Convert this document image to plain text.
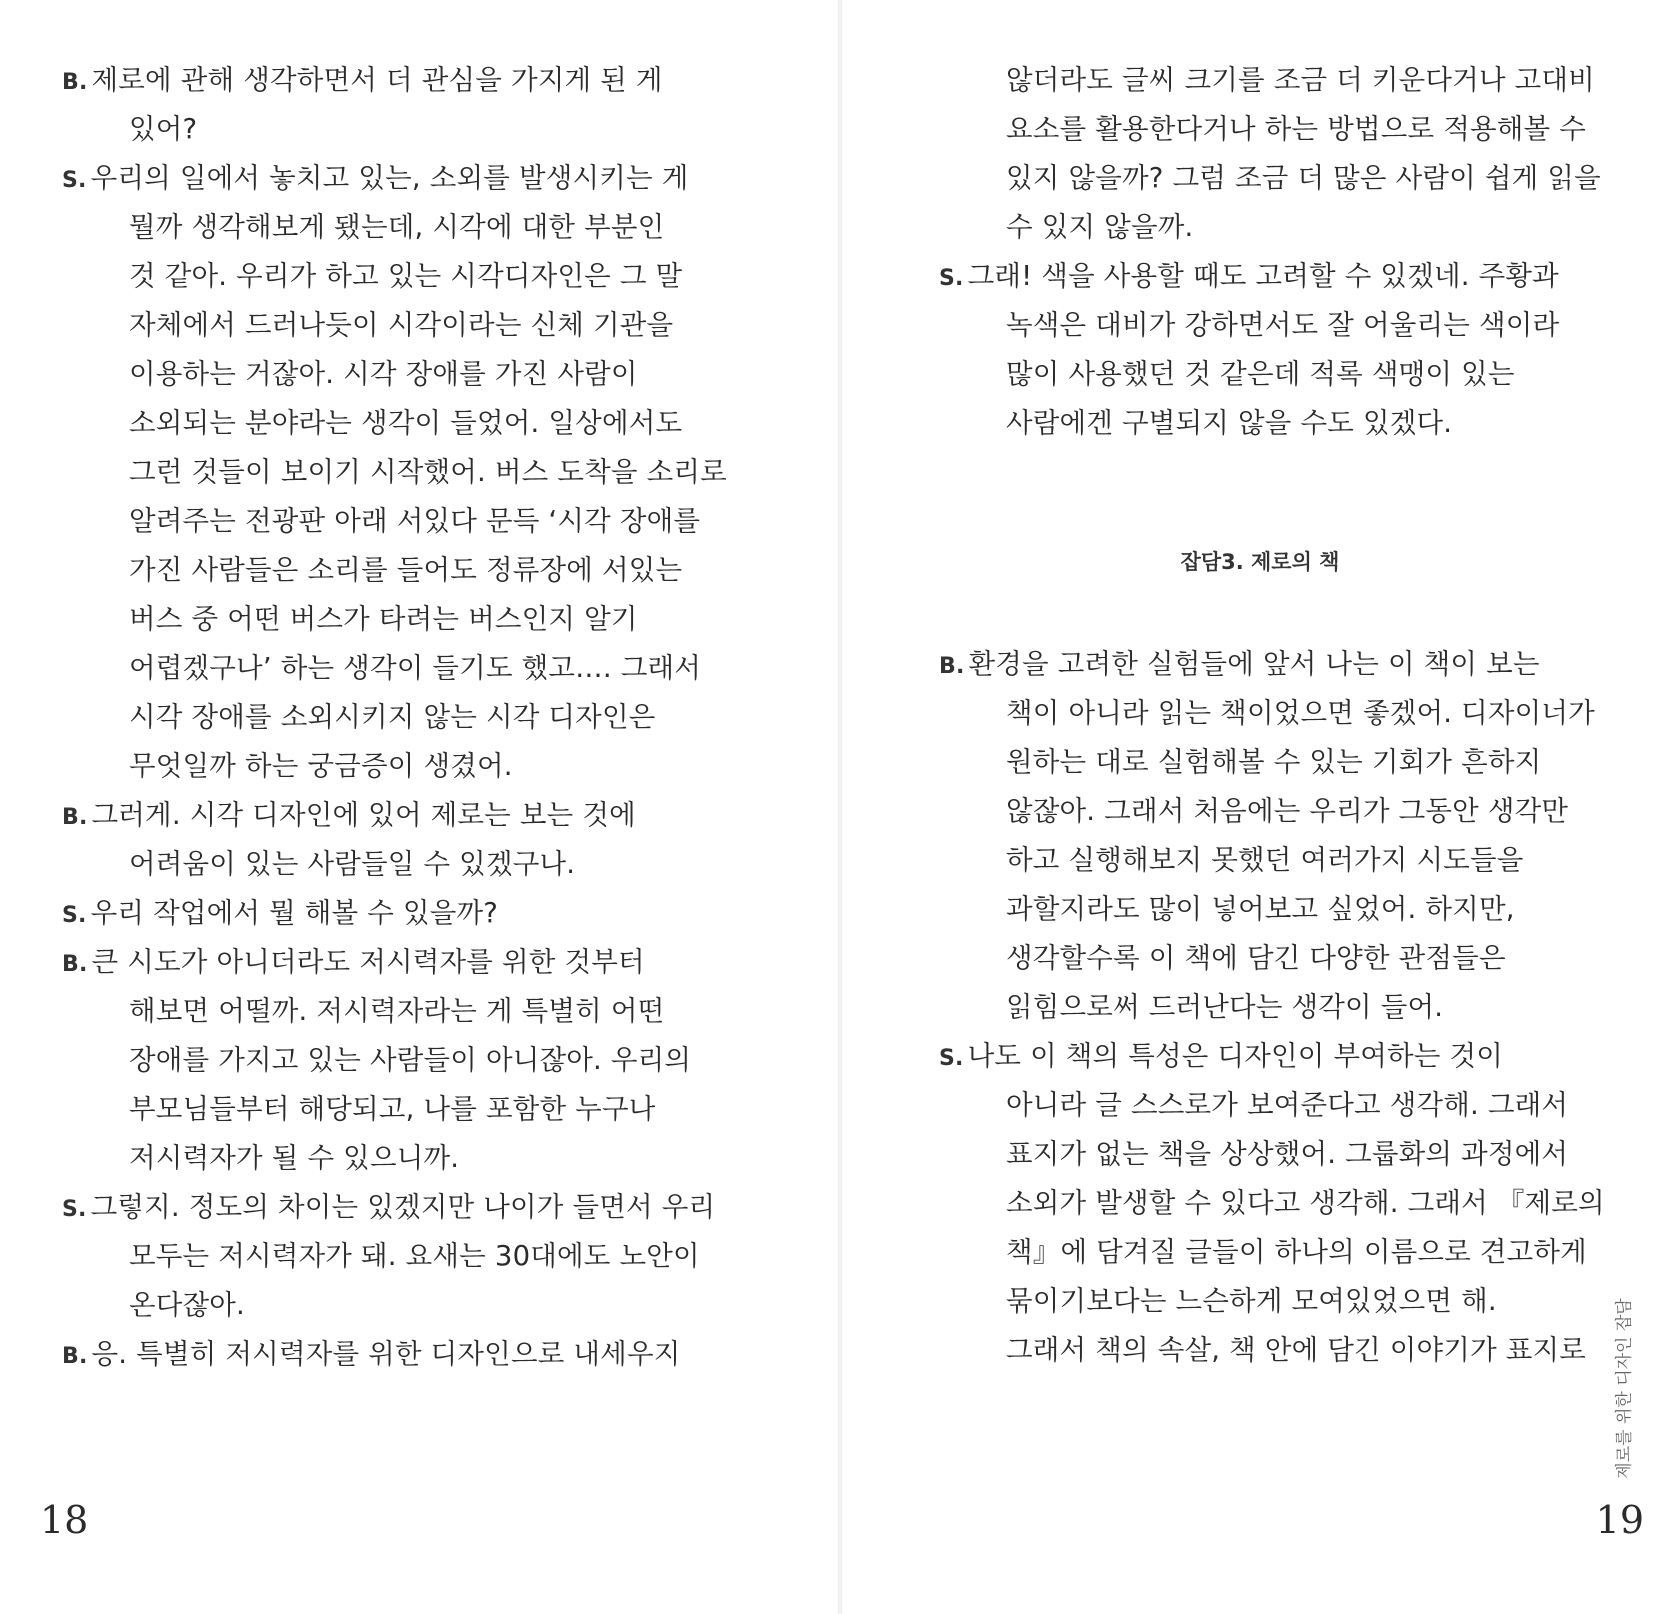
B. 제로에 관해 생각하면서 더 관심을 가지게 된 게
있어?
S. 우리의 일에서 놓치고 있는, 소외를 발생시키는 게
뭘까 생각해보게 됐는데, 시각에 대한 부분인
것 같아. 우리가 하고 있는 시각디자인은 그 말
자체에서 드러나듯이 시각이라는 신체 기관을
이용하는 거잖아. 시각 장애를 가진 사람이
소외되는 분야라는 생각이 들었어. 일상에서도
그런 것들이 보이기 시작했어. 버스 도착을 소리로
알려주는 전광판 아래 서있다 문득 ‘시각 장애를
가진 사람들은 소리를 들어도 정류장에 서있는
버스 중 어떤 버스가 타려는 버스인지 알기
어렵겠구나’ 하는 생각이 들기도 했고…. 그래서
시각 장애를 소외시키지 않는 시각 디자인은
무엇일까 하는 궁금증이 생겼어.
B. 그러게. 시각 디자인에 있어 제로는 보는 것에
어려움이 있는 사람들일 수 있겠구나.
S. 우리 작업에서 뭘 해볼 수 있을까?
B. 큰 시도가 아니더라도 저시력자를 위한 것부터
해보면 어떨까. 저시력자라는 게 특별히 어떤
장애를 가지고 있는 사람들이 아니잖아. 우리의
부모님들부터 해당되고, 나를 포함한 누구나
저시력자가 될 수 있으니까.
S. 그렇지. 정도의 차이는 있겠지만 나이가 들면서 우리
모두는 저시력자가 돼. 요새는 30대에도 노안이
온다잖아.
B. 응. 특별히 저시력자를 위한 디자인으로 내세우지
18
않더라도 글씨 크기를 조금 더 키운다거나 고대비
요소를 활용한다거나 하는 방법으로 적용해볼 수
있지 않을까? 그럼 조금 더 많은 사람이 쉽게 읽을
수 있지 않을까.
S. 그래! 색을 사용할 때도 고려할 수 있겠네. 주황과
녹색은 대비가 강하면서도 잘 어울리는 색이라
많이 사용했던 것 같은데 적록 색맹이 있는
사람에겐 구별되지 않을 수도 있겠다.
잡담3. 제로의 책
B. 환경을 고려한 실험들에 앞서 나는 이 책이 보는
책이 아니라 읽는 책이었으면 좋겠어. 디자이너가
원하는 대로 실험해볼 수 있는 기회가 흔하지
않잖아. 그래서 처음에는 우리가 그동안 생각만
하고 실행해보지 못했던 여러가지 시도들을
과할지라도 많이 넣어보고 싶었어. 하지만,
생각할수록 이 책에 담긴 다양한 관점들은
읽힘으로써 드러난다는 생각이 들어.
S. 나도 이 책의 특성은 디자인이 부여하는 것이
아니라 글 스스로가 보여준다고 생각해. 그래서
표지가 없는 책을 상상했어. 그룹화의 과정에서
소외가 발생할 수 있다고 생각해. 그래서 『제로의
책』에 담겨질 글들이 하나의 이름으로 견고하게
묶이기보다는 느슨하게 모여있었으면 해.
그래서 책의 속살, 책 안에 담긴 이야기가 표지로	제로를 위한 디자인 잡담
19
